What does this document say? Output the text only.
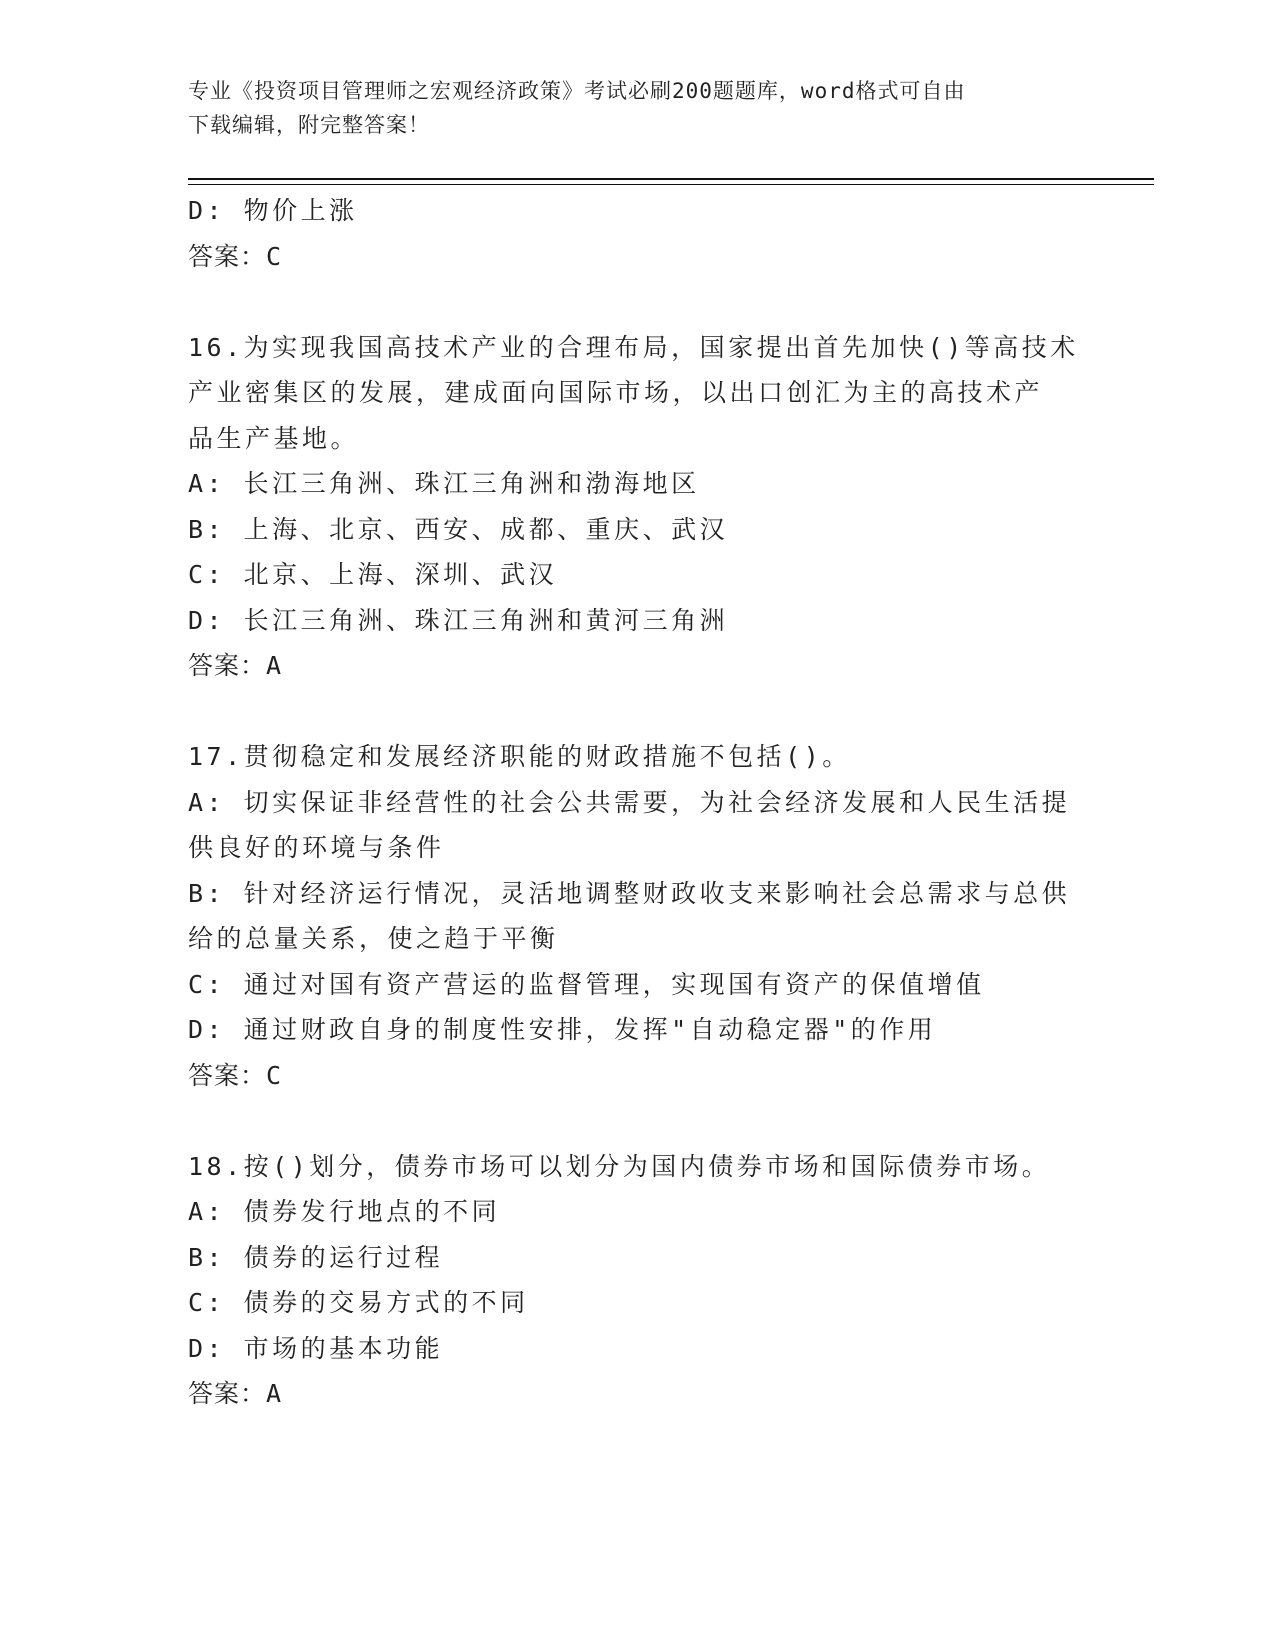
专业《投资项目管理师之宏观经济政策》考试必刷200题题库，word格式可自由
下载编辑，附完整答案！
D: 物价上涨
答案：C
16.为实现我国高技术产业的合理布局，国家提出首先加快()等高技术
产业密集区的发展，建成面向国际市场，以出口创汇为主的高技术产
品生产基地。
A: 长江三角洲、珠江三角洲和渤海地区
B: 上海、北京、西安、成都、重庆、武汉
C: 北京、上海、深圳、武汉
D: 长江三角洲、珠江三角洲和黄河三角洲
答案：A
17.贯彻稳定和发展经济职能的财政措施不包括()。
A: 切实保证非经营性的社会公共需要，为社会经济发展和人民生活提
供良好的环境与条件
B: 针对经济运行情况，灵活地调整财政收支来影响社会总需求与总供
给的总量关系，使之趋于平衡
C: 通过对国有资产营运的监督管理，实现国有资产的保值增值
D: 通过财政自身的制度性安排，发挥"自动稳定器"的作用
答案：C
18.按()划分，债券市场可以划分为国内债券市场和国际债券市场。
A: 债券发行地点的不同
B: 债券的运行过程
C: 债券的交易方式的不同
D: 市场的基本功能
答案：A
